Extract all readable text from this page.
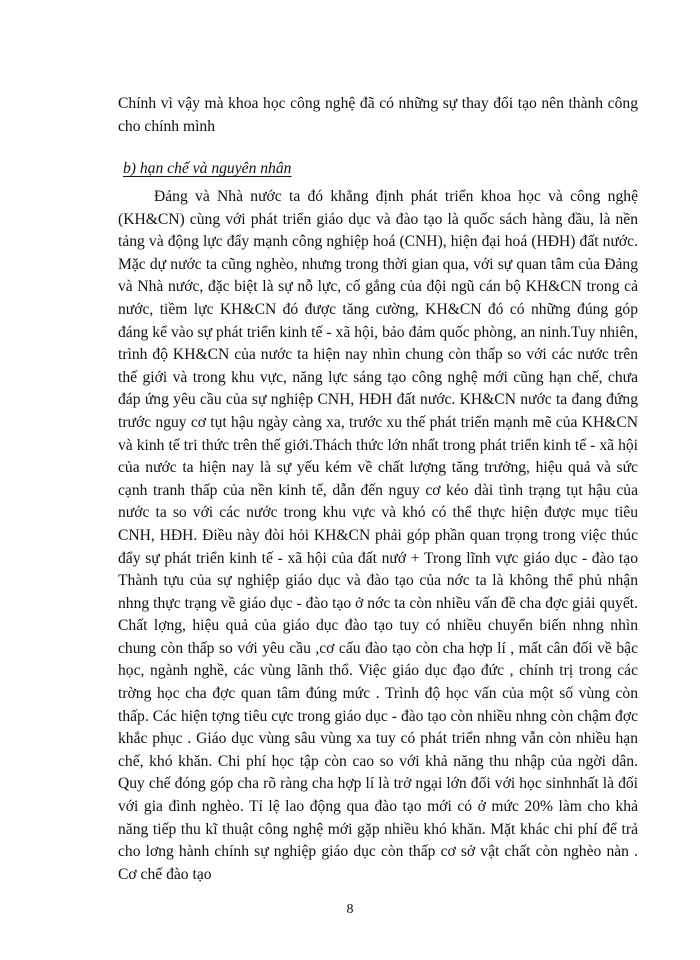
Chính vì vậy mà khoa học công nghệ đã có những sự thay đổi tạo nên thành công cho chính mình

b) hạn chế và nguyên nhân

Đảng và Nhà nước ta đó khẳng định phát triển khoa học và công nghệ (KH&CN) cùng với phát triển giáo dục và đào tạo là quốc sách hàng đầu, là nền tảng và động lực đẩy mạnh công nghiệp hoá (CNH), hiện đại hoá (HĐH) đất nước. Mặc dự nước ta cũng nghèo, nhưng trong thời gian qua, với sự quan tâm của Đảng và Nhà nước, đặc biệt là sự nỗ lực, cố gắng của đội ngũ cán bộ KH&CN trong cả nước, tiềm lực KH&CN đó được tăng cường, KH&CN đó có những đúng góp đáng kể vào sự phát triển kinh tế - xã hội, bảo đảm quốc phòng, an ninh.Tuy nhiên, trình độ KH&CN của nước ta hiện nay nhìn chung còn thấp so với các nước trên thế giới và trong khu vực, năng lực sáng tạo công nghệ mới cũng hạn chế, chưa đáp ứng yêu cầu của sự nghiệp CNH, HĐH đất nước. KH&CN nước ta đang đứng trước nguy cơ tụt hậu ngày càng xa, trước xu thế phát triển mạnh mẽ của KH&CN và kinh tế tri thức trên thế giới.Thách thức lớn nhất trong phát triển kinh tế - xã hội của nước ta hiện nay là sự yếu kém về chất lượng tăng trưởng, hiệu quả và sức cạnh tranh thấp của nền kinh tế, dẫn đến nguy cơ kéo dài tình trạng tụt hậu của nước ta so với các nước trong khu vực và khó có thể thực hiện được mục tiêu CNH, HĐH. Điều này đòi hỏi KH&CN phải góp phần quan trọng trong việc thúc đẩy sự phát triển kinh tế - xã hội của đất nướ + Trong lĩnh vực giáo dục - đào tạo Thành tựu của sự nghiệp giáo dục và đào tạo của nớc ta là không thể phủ nhận nhng thực trạng về giáo dục - đào tạo ở nớc ta còn nhiều vấn đề cha đợc giải quyết. Chất lợng, hiệu quả của giáo dục đào tạo tuy có nhiều chuyển biến nhng nhìn chung còn thấp so với yêu cầu ,cơ cấu đào tạo còn cha hợp lí , mất cân đối về bậc học, ngành nghề, các vùng lãnh thổ. Việc giáo dục đạo đức , chính trị trong các trờng học cha đợc quan tâm đúng mức . Trình độ học vấn của một số vùng còn thấp. Các hiện tợng tiêu cực trong giáo dục - đào tạo còn nhiều nhng còn chậm đợc khắc phục . Giáo dục vùng sâu vùng xa tuy có phát triển nhng vẫn còn nhiều hạn chế, khó khăn. Chi phí học tập còn cao so với khả năng thu nhập của ngời dân. Quy chế đóng góp cha rõ ràng cha hợp lí là trở ngại lớn đối với học sinhnhất là đối với gia đình nghèo. Tỉ lệ lao động qua đào tạo mới có ở mức 20% làm cho khả năng tiếp thu kĩ thuật công nghệ mới gặp nhiều khó khăn. Mặt khác chi phí để trả cho lơng hành chính sự nghiệp giáo dục còn thấp cơ sở vật chất còn nghèo nàn . Cơ chế đào tạo

8
